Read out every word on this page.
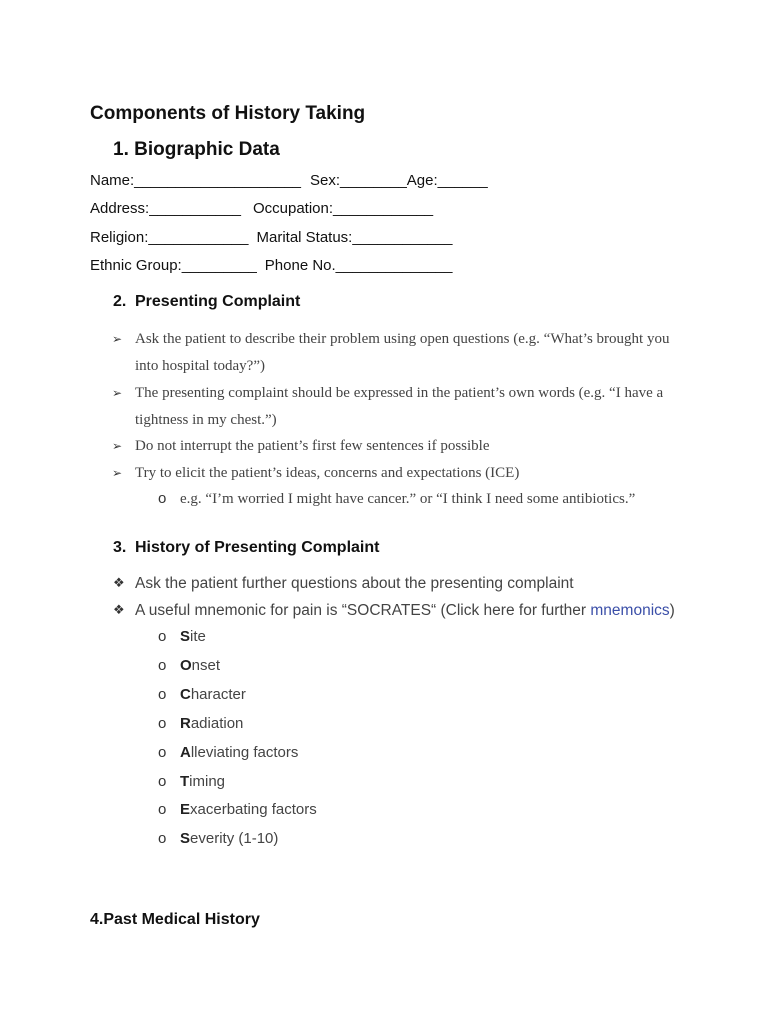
Components of History Taking
1. Biographic Data
Name:____________________ Sex:________Age:______
Address:___________ Occupation:____________
Religion:____________ Marital Status:____________
Ethnic Group:_________ Phone No.______________
2. Presenting Complaint
➢ Ask the patient to describe their problem using open questions (e.g. “What’s brought you into hospital today?”)
➢ The presenting complaint should be expressed in the patient’s own words (e.g. “I have a tightness in my chest.”)
➢ Do not interrupt the patient’s first few sentences if possible
➢ Try to elicit the patient’s ideas, concerns and expectations (ICE)
o e.g. “I’m worried I might have cancer.” or “I think I need some antibiotics.”
3. History of Presenting Complaint
❖ Ask the patient further questions about the presenting complaint
❖ A useful mnemonic for pain is “SOCRATES“ (Click here for further mnemonics)
o Site
o Onset
o Character
o Radiation
o Alleviating factors
o Timing
o Exacerbating factors
o Severity (1-10)
4.Past Medical History
